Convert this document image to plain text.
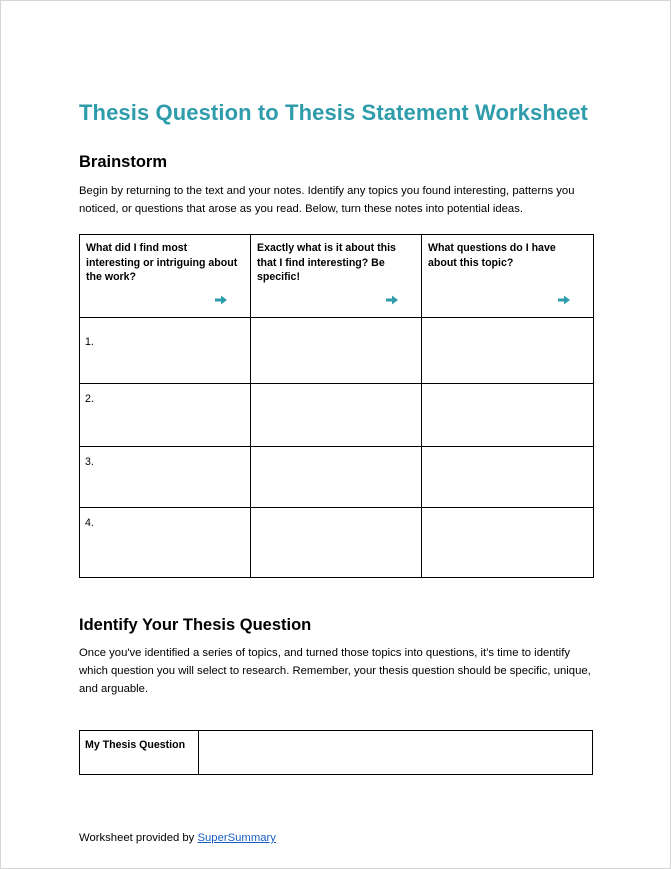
Thesis Question to Thesis Statement Worksheet
Brainstorm

Begin by returning to the text and your notes. Identify any topics you found interesting, patterns you noticed, or questions that arose as you read. Below, turn these notes into potential ideas.

What did I find most interesting or intriguing about the work?	Exactly what is it about this that I find interesting? Be specific!	What questions do I have about this topic?

1.		
2.		
3.		
4.		
Identify Your Thesis Question

Once you've identified a series of topics, and turned those topics into questions, it's time to identify which question you will select to research. Remember, your thesis question should be specific, unique, and arguable.

My Thesis Question	
Worksheet provided by SuperSummary
